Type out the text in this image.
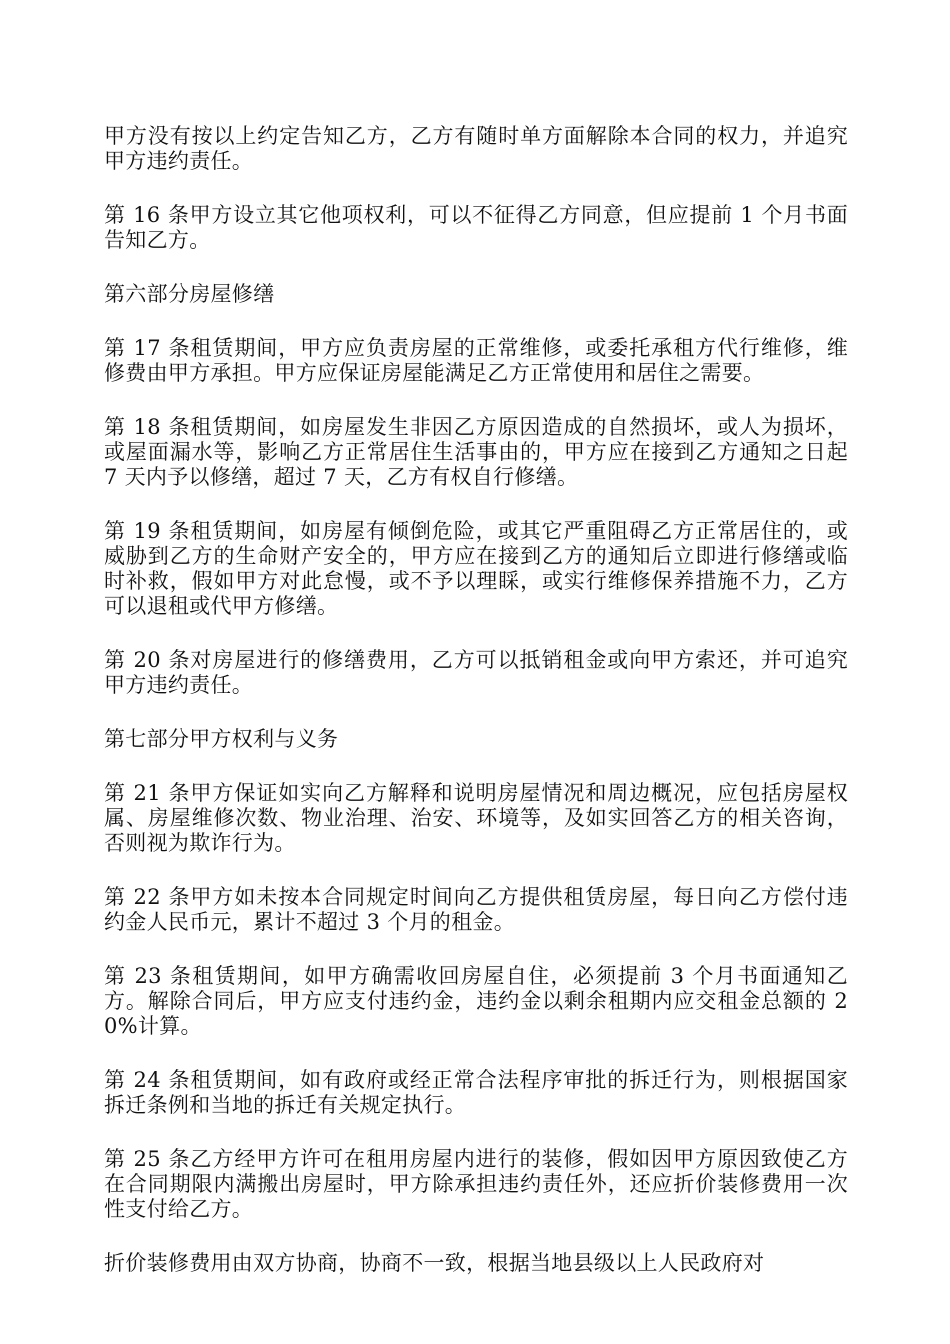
甲方没有按以上约定告知乙方，乙方有随时单方面解除本合同的权力，并追究甲方违约责任。

第 16 条甲方设立其它他项权利，可以不征得乙方同意，但应提前 1 个月书面告知乙方。

第六部分房屋修缮

第 17 条租赁期间，甲方应负责房屋的正常维修，或委托承租方代行维修，维修费由甲方承担。甲方应保证房屋能满足乙方正常使用和居住之需要。

第 18 条租赁期间，如房屋发生非因乙方原因造成的自然损坏，或人为损坏，或屋面漏水等，影响乙方正常居住生活事由的，甲方应在接到乙方通知之日起 7 天内予以修缮，超过 7 天，乙方有权自行修缮。

第 19 条租赁期间，如房屋有倾倒危险，或其它严重阻碍乙方正常居住的，或威胁到乙方的生命财产安全的，甲方应在接到乙方的通知后立即进行修缮或临时补救，假如甲方对此怠慢，或不予以理睬，或实行维修保养措施不力，乙方可以退租或代甲方修缮。

第 20 条对房屋进行的修缮费用，乙方可以抵销租金或向甲方索还，并可追究甲方违约责任。

第七部分甲方权利与义务

第 21 条甲方保证如实向乙方解释和说明房屋情况和周边概况，应包括房屋权属、房屋维修次数、物业治理、治安、环境等，及如实回答乙方的相关咨询，否则视为欺诈行为。

第 22 条甲方如未按本合同规定时间向乙方提供租赁房屋，每日向乙方偿付违约金人民币元，累计不超过 3 个月的租金。

第 23 条租赁期间，如甲方确需收回房屋自住，必须提前 3 个月书面通知乙方。解除合同后，甲方应支付违约金，违约金以剩余租期内应交租金总额的 20%计算。

第 24 条租赁期间，如有政府或经正常合法程序审批的拆迁行为，则根据国家拆迁条例和当地的拆迁有关规定执行。

第 25 条乙方经甲方许可在租用房屋内进行的装修，假如因甲方原因致使乙方在合同期限内满搬出房屋时，甲方除承担违约责任外，还应折价装修费用一次性支付给乙方。

折价装修费用由双方协商，协商不一致，根据当地县级以上人民政府对
